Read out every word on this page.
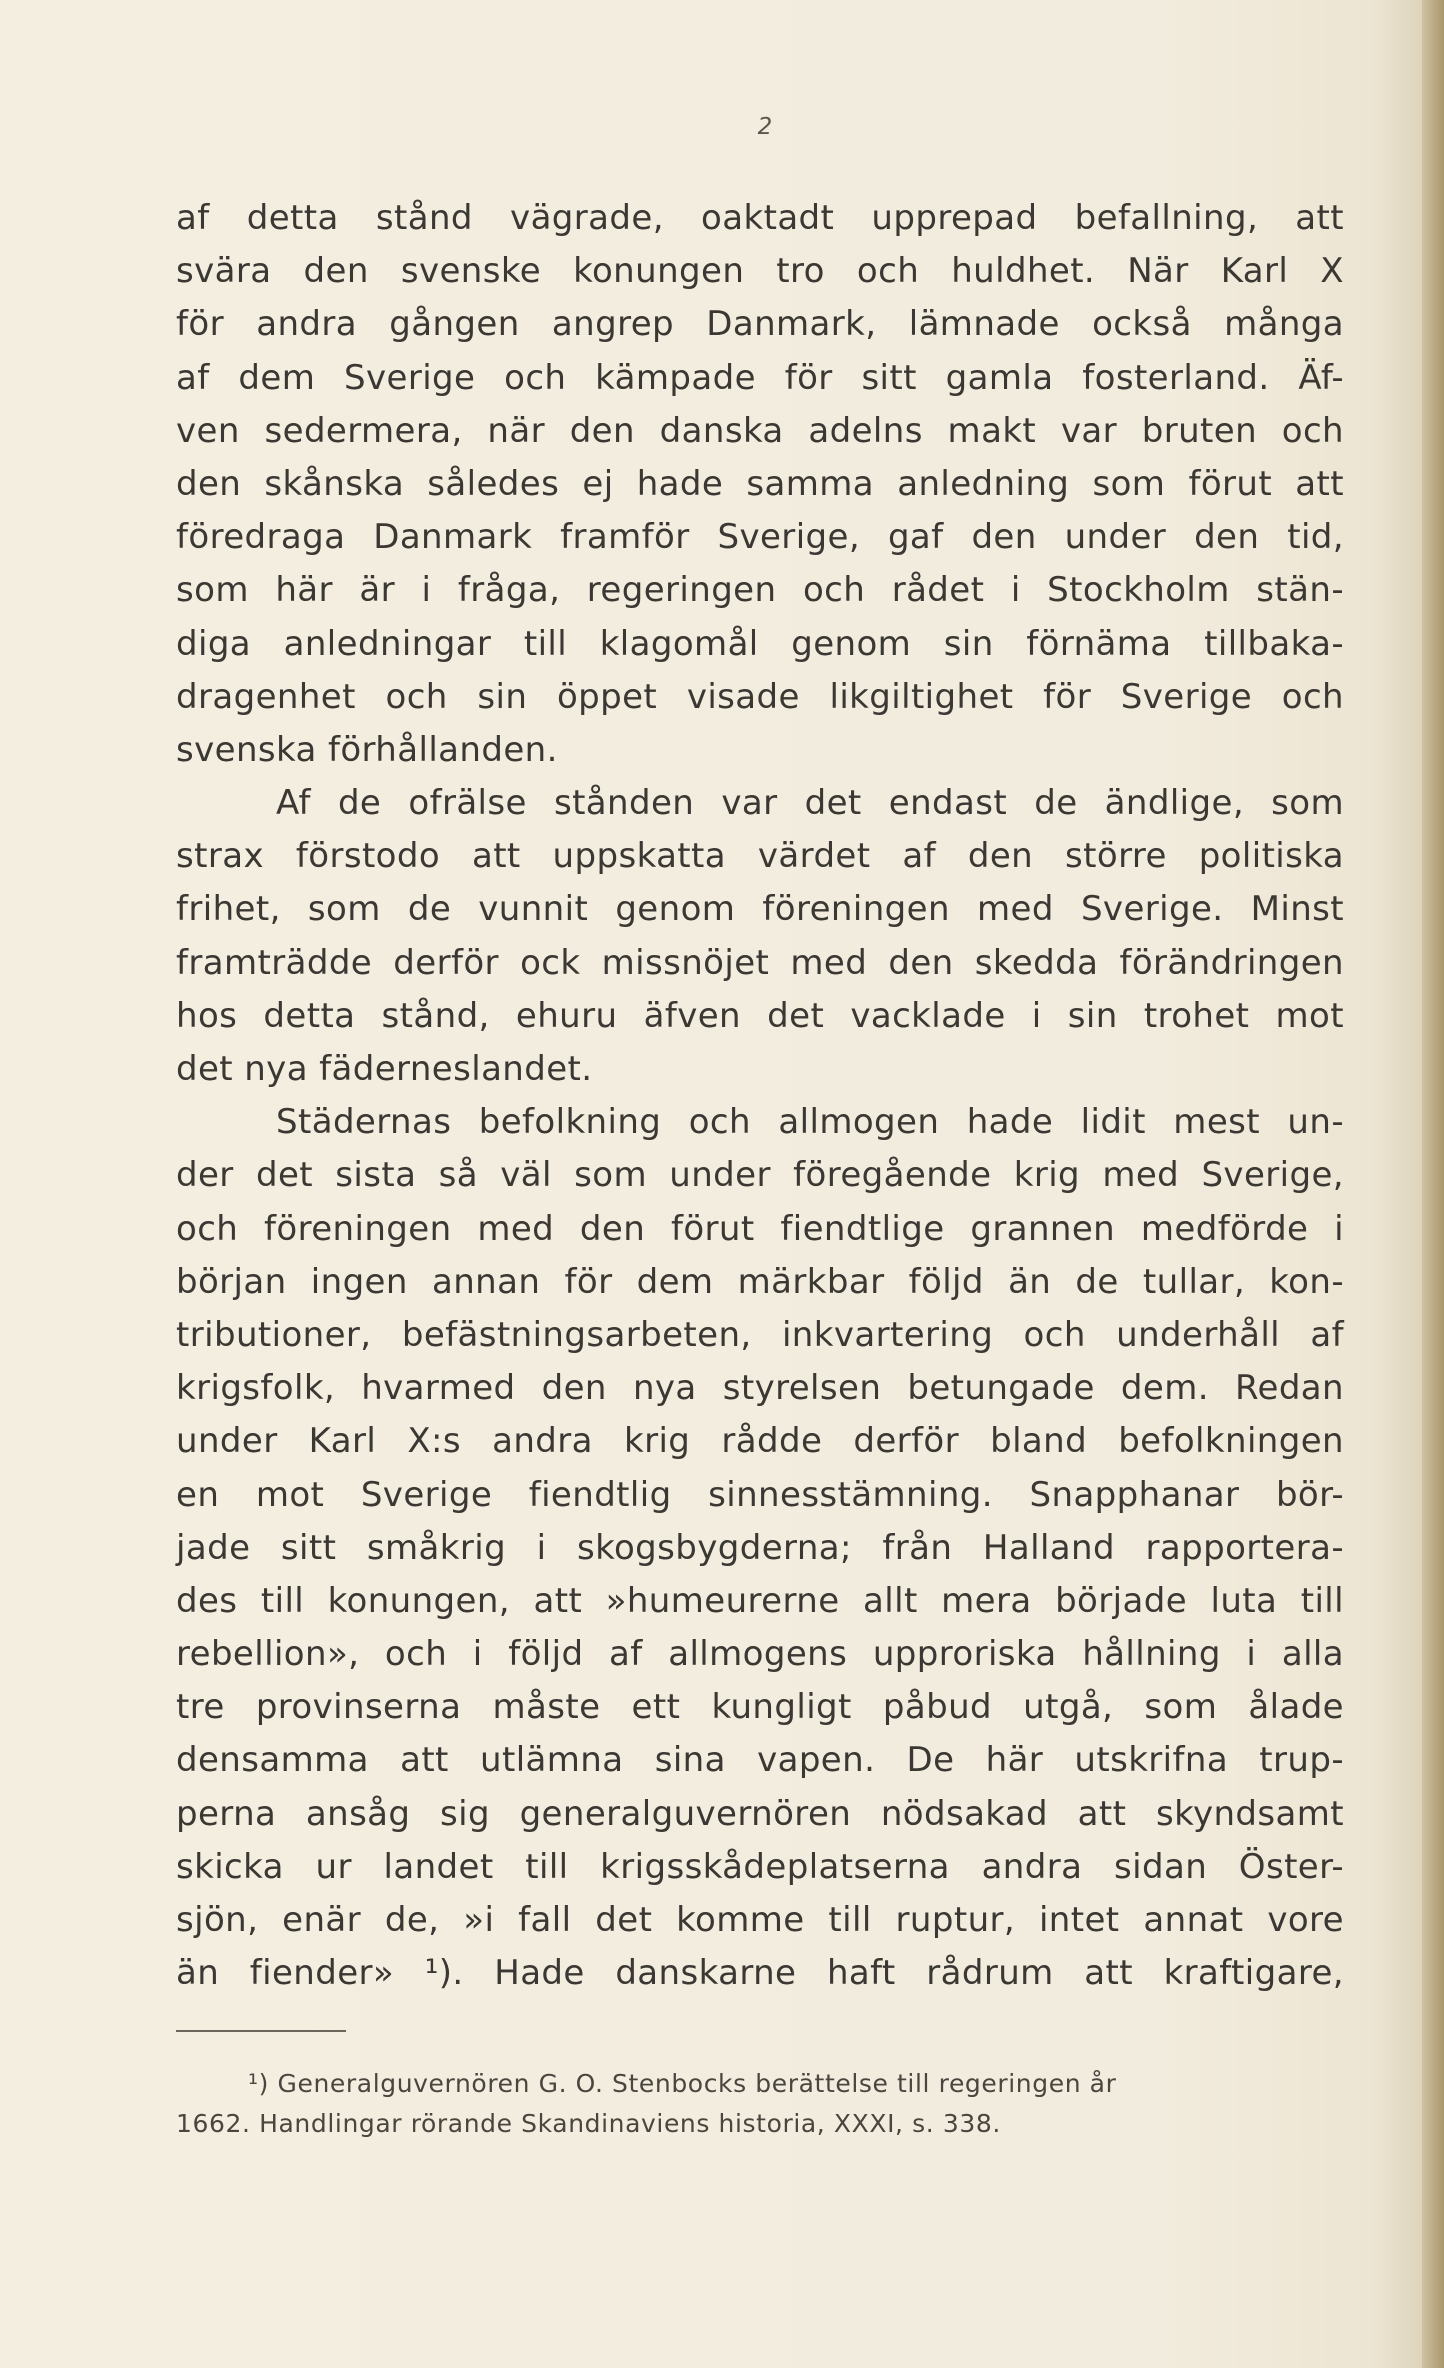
2
af detta stånd vägrade, oaktadt upprepad befallning, att
svära den svenske konungen tro och huldhet. När Karl X
för andra gången angrep Danmark, lämnade också många
af dem Sverige och kämpade för sitt gamla fosterland. Äf-
ven sedermera, när den danska adelns makt var bruten och
den skånska således ej hade samma anledning som förut att
föredraga Danmark framför Sverige, gaf den under den tid,
som här är i fråga, regeringen och rådet i Stockholm stän-
diga anledningar till klagomål genom sin förnäma tillbaka-
dragenhet och sin öppet visade likgiltighet för Sverige och
svenska förhållanden.
Af de ofrälse stånden var det endast de ändlige, som
strax förstodo att uppskatta värdet af den större politiska
frihet, som de vunnit genom föreningen med Sverige. Minst
framträdde derför ock missnöjet med den skedda förändringen
hos detta stånd, ehuru äfven det vacklade i sin trohet mot
det nya fäderneslandet.
Städernas befolkning och allmogen hade lidit mest un-
der det sista så väl som under föregående krig med Sverige,
och föreningen med den förut fiendtlige grannen medförde i
början ingen annan för dem märkbar följd än de tullar, kon-
tributioner, befästningsarbeten, inkvartering och underhåll af
krigsfolk, hvarmed den nya styrelsen betungade dem. Redan
under Karl X:s andra krig rådde derför bland befolkningen
en mot Sverige fiendtlig sinnesstämning. Snapphanar bör-
jade sitt småkrig i skogsbygderna; från Halland rapportera-
des till konungen, att »humeurerne allt mera började luta till
rebellion», och i följd af allmogens upproriska hållning i alla
tre provinserna måste ett kungligt påbud utgå, som ålade
densamma att utlämna sina vapen. De här utskrifna trup-
perna ansåg sig generalguvernören nödsakad att skyndsamt
skicka ur landet till krigsskådeplatserna andra sidan Öster-
sjön, enär de, »i fall det komme till ruptur, intet annat vore
än fiender» ¹). Hade danskarne haft rådrum att kraftigare,
¹) Generalguvernören G. O. Stenbocks berättelse till regeringen år
1662. Handlingar rörande Skandinaviens historia, XXXI, s. 338.
